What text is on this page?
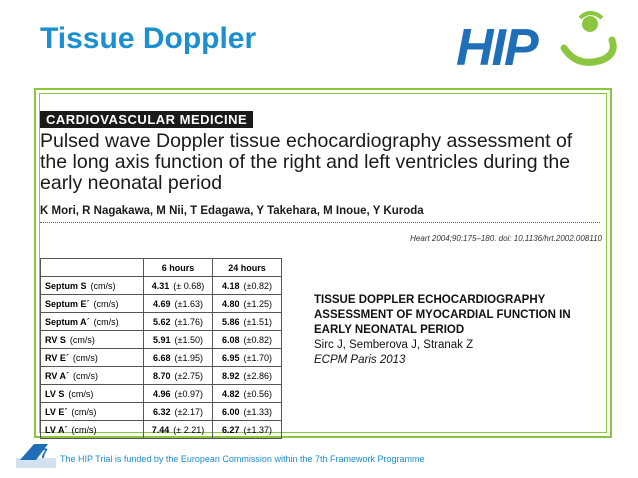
Tissue Doppler	HIP
CARDIOVASCULAR MEDICINE
Pulsed wave Doppler tissue echocardiography assessment of the long axis function of the right and left ventricles during the early neonatal period
K Mori, R Nagakawa, M Nii, T Edagawa, Y Takehara, M Inoue, Y Kuroda
Heart 2004;90:175–180. doi: 10.1136/hrt.2002.008110
	6 hours	24 hours
Septum S (cm/s)	4.31 (± 0.68)	4.18 (±0.82)
Septum E´ (cm/s)	4.69 (±1.63)	4.80 (±1.25)
Septum A´ (cm/s)	5.62 (±1.76)	5.86 (±1.51)
RV S (cm/s)	5.91 (±1.50)	6.08 (±0.82)
RV E´ (cm/s)	6.68 (±1.95)	6.95 (±1.70)
RV A´ (cm/s)	8.70 (±2.75)	8.92 (±2.86)
LV S (cm/s)	4.96 (±0.97)	4.82 (±0.56)
LV E´ (cm/s)	6.32 (±2.17)	6.00 (±1.33)
LV A´ (cm/s)	7.44 (± 2.21)	6.27 (±1.37)
TISSUE DOPPLER ECHOCARDIOGRAPHY ASSESSMENT OF MYOCARDIAL FUNCTION IN EARLY NEONATAL PERIOD
Sirc J, Semberova J, Stranak Z
ECPM Paris 2013
7 The HIP Trial is funded by the European Commission within the 7th Framework Programme
